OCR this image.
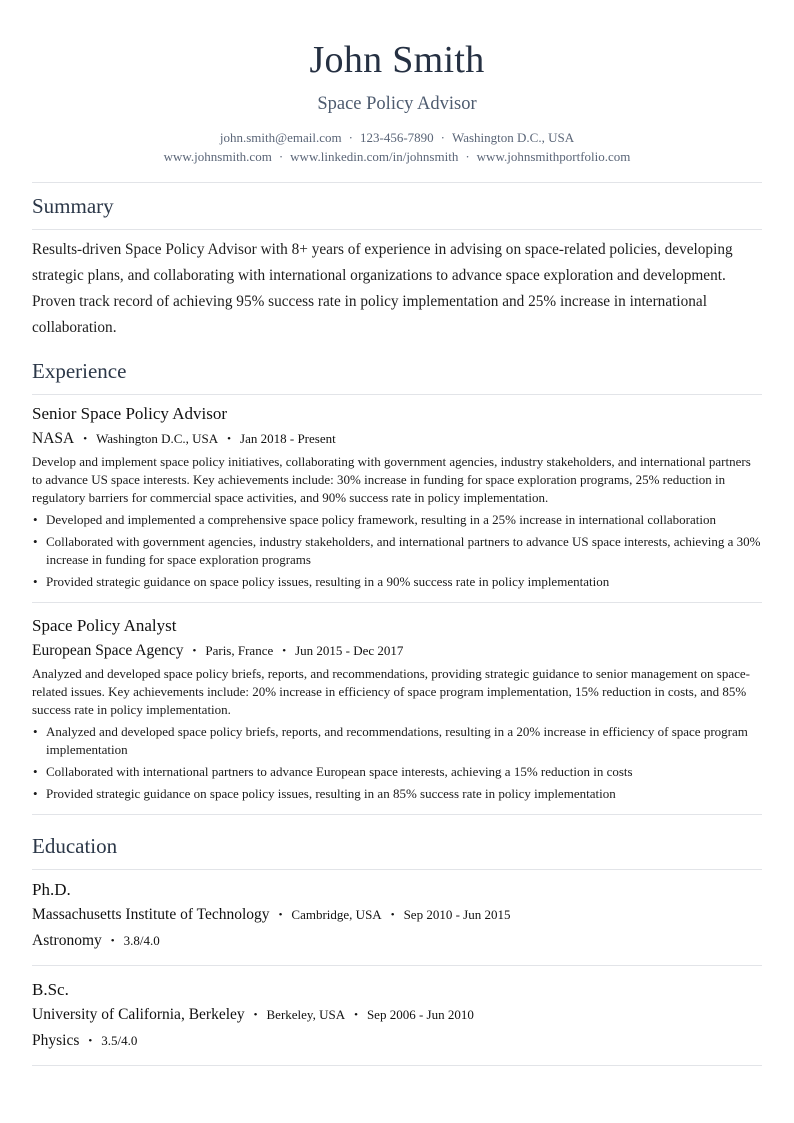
John Smith
Space Policy Advisor
john.smith@email.com · 123-456-7890 · Washington D.C., USA
www.johnsmith.com · www.linkedin.com/in/johnsmith · www.johnsmithportfolio.com
Summary
Results-driven Space Policy Advisor with 8+ years of experience in advising on space-related policies, developing strategic plans, and collaborating with international organizations to advance space exploration and development. Proven track record of achieving 95% success rate in policy implementation and 25% increase in international collaboration.
Experience
Senior Space Policy Advisor
NASA • Washington D.C., USA • Jan 2018 - Present
Develop and implement space policy initiatives, collaborating with government agencies, industry stakeholders, and international partners to advance US space interests. Key achievements include: 30% increase in funding for space exploration programs, 25% reduction in regulatory barriers for commercial space activities, and 90% success rate in policy implementation.
• Developed and implemented a comprehensive space policy framework, resulting in a 25% increase in international collaboration
• Collaborated with government agencies, industry stakeholders, and international partners to advance US space interests, achieving a 30% increase in funding for space exploration programs
• Provided strategic guidance on space policy issues, resulting in a 90% success rate in policy implementation
Space Policy Analyst
European Space Agency • Paris, France • Jun 2015 - Dec 2017
Analyzed and developed space policy briefs, reports, and recommendations, providing strategic guidance to senior management on space-related issues. Key achievements include: 20% increase in efficiency of space program implementation, 15% reduction in costs, and 85% success rate in policy implementation.
• Analyzed and developed space policy briefs, reports, and recommendations, resulting in a 20% increase in efficiency of space program implementation
• Collaborated with international partners to advance European space interests, achieving a 15% reduction in costs
• Provided strategic guidance on space policy issues, resulting in an 85% success rate in policy implementation
Education
Ph.D.
Massachusetts Institute of Technology • Cambridge, USA • Sep 2010 - Jun 2015
Astronomy • 3.8/4.0
B.Sc.
University of California, Berkeley • Berkeley, USA • Sep 2006 - Jun 2010
Physics • 3.5/4.0
